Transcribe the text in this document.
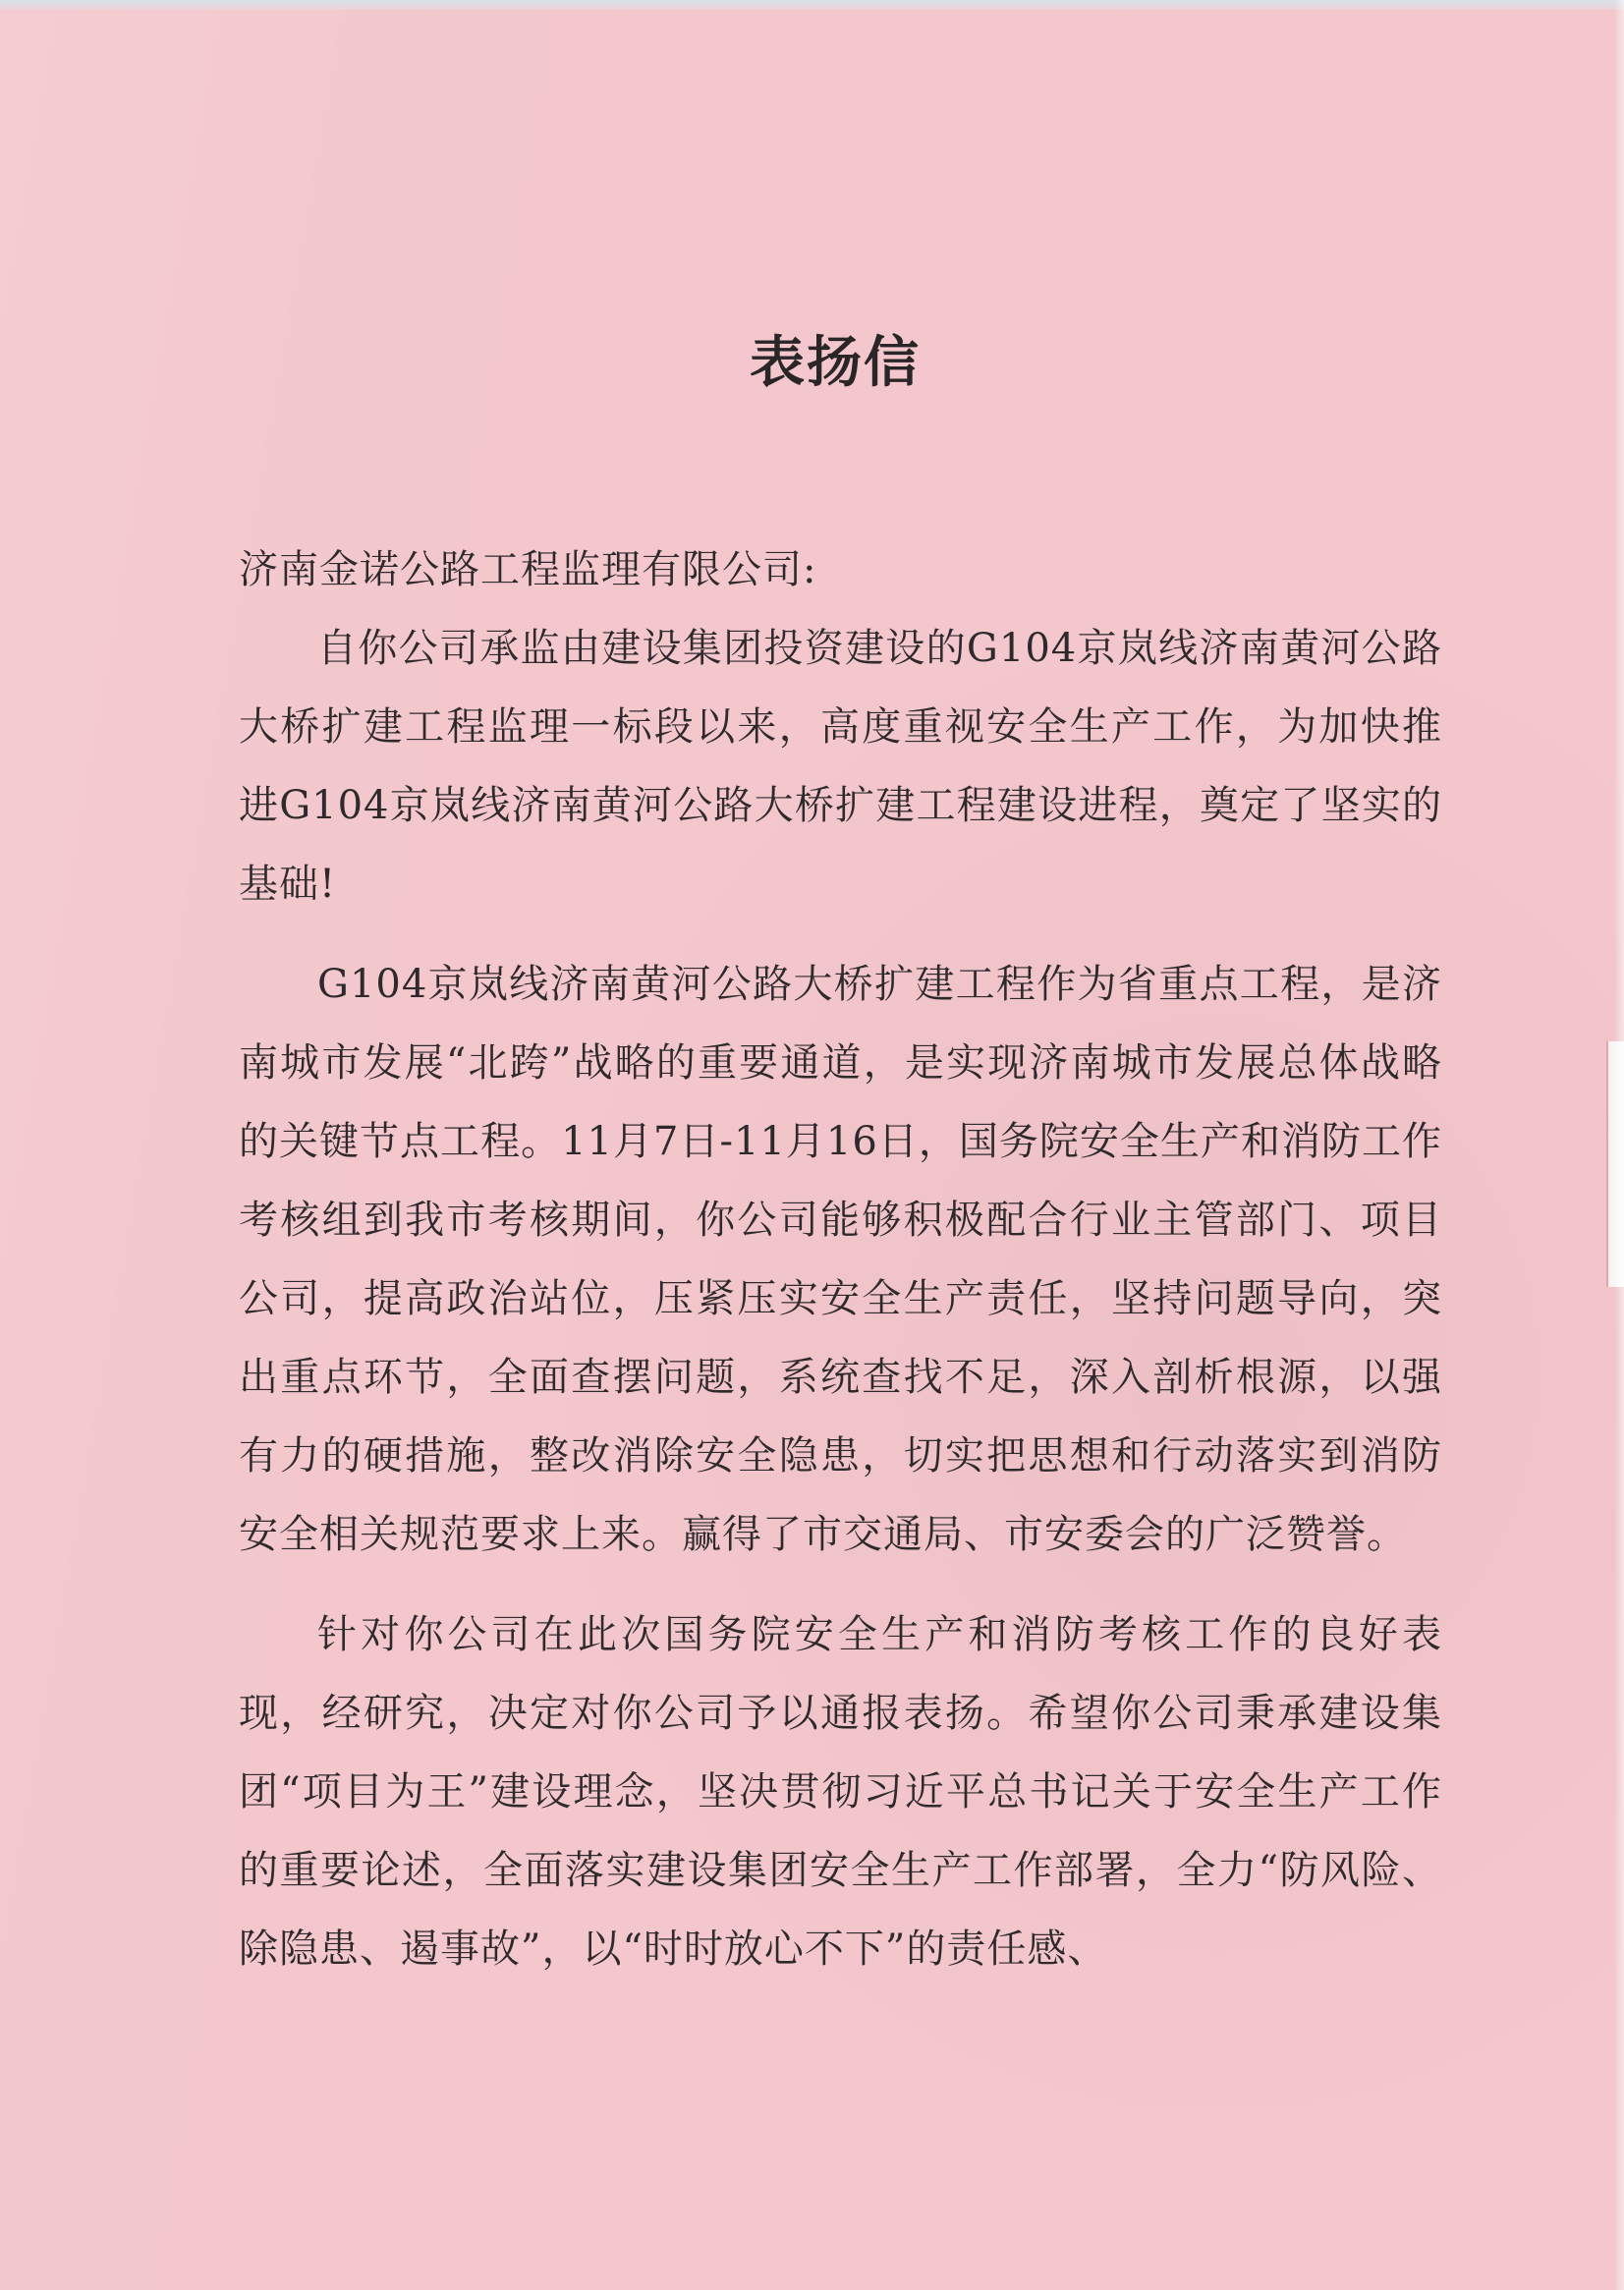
表扬信

济南金诺公路工程监理有限公司:

自你公司承监由建设集团投资建设的G104京岚线济南黄河公路大桥扩建工程监理一标段以来，高度重视安全生产工作，为加快推进G104京岚线济南黄河公路大桥扩建工程建设进程，奠定了坚实的基础!

G104京岚线济南黄河公路大桥扩建工程作为省重点工程，是济南城市发展“北跨”战略的重要通道，是实现济南城市发展总体战略的关键节点工程。11月7日-11月16日，国务院安全生产和消防工作考核组到我市考核期间，你公司能够积极配合行业主管部门、项目公司，提高政治站位，压紧压实安全生产责任，坚持问题导向，突出重点环节，全面查摆问题，系统查找不足，深入剖析根源，以强有力的硬措施，整改消除安全隐患，切实把思想和行动落实到消防安全相关规范要求上来。赢得了市交通局、市安委会的广泛赞誉。

针对你公司在此次国务院安全生产和消防考核工作的良好表现，经研究，决定对你公司予以通报表扬。希望你公司秉承建设集团“项目为王”建设理念，坚决贯彻习近平总书记关于安全生产工作的重要论述，全面落实建设集团安全生产工作部署，全力“防风险、除隐患、遏事故”，以“时时放心不下”的责任感、
